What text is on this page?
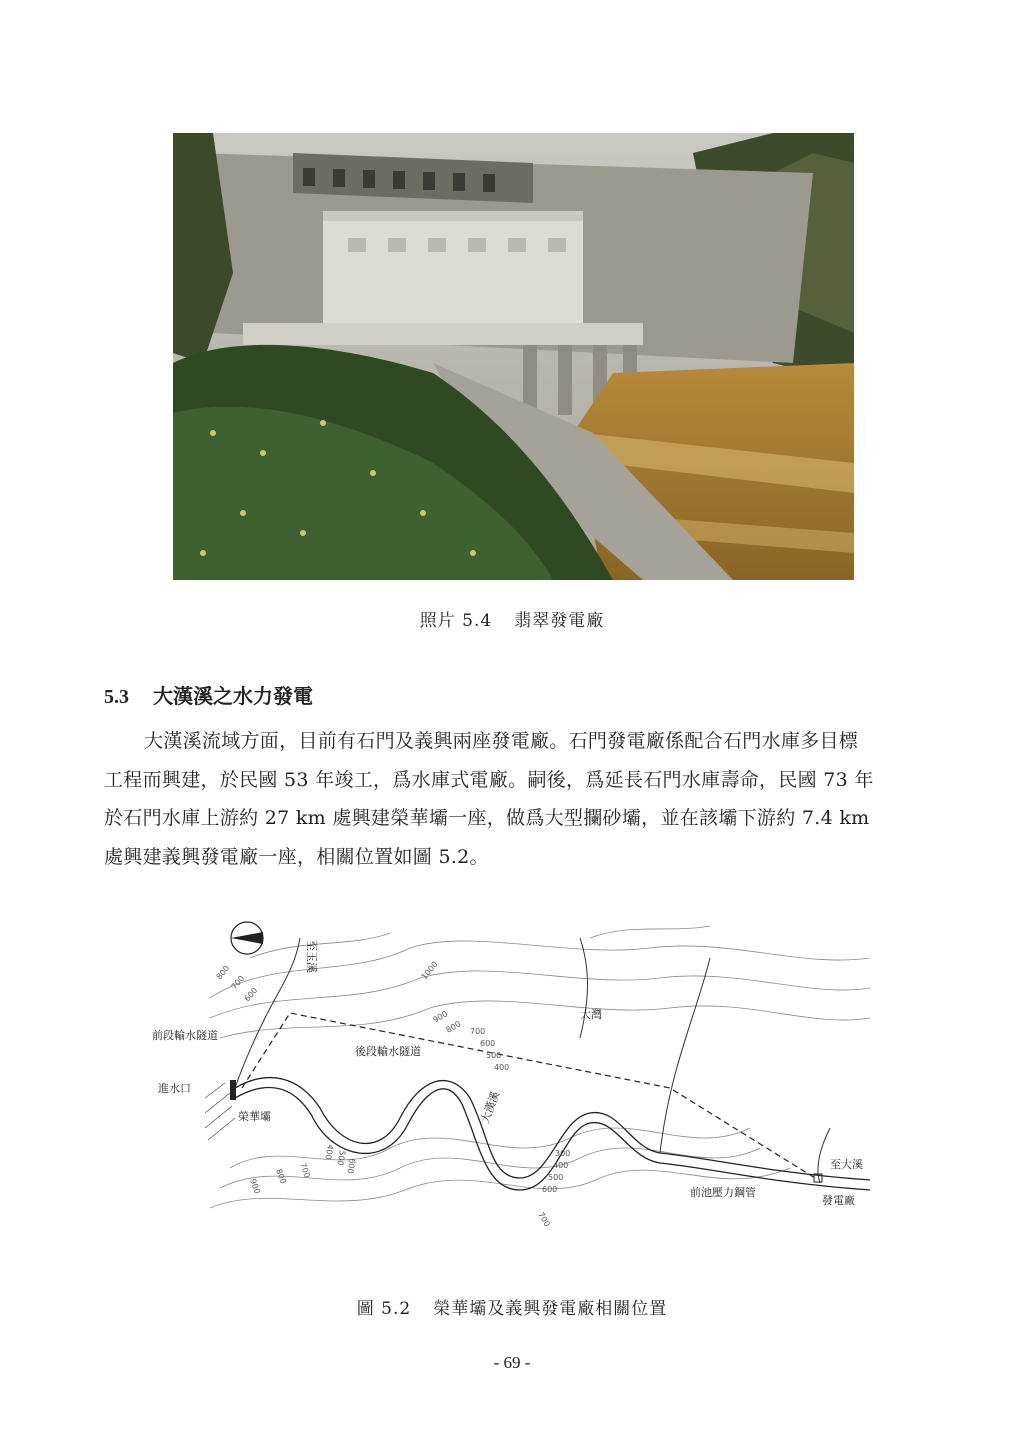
照片 5.4 翡翠發電廠
5.3 大漢溪之水力發電
大漢溪流域方面，目前有石門及義興兩座發電廠。石門發電廠係配合石門水庫多目標
工程而興建，於民國 53 年竣工，爲水庫式電廠。嗣後，爲延長石門水庫壽命，民國 73 年
於石門水庫上游約 27 km 處興建榮華壩一座，做爲大型攔砂壩，並在該壩下游約 7.4 km
處興建義興發電廠一座，相關位置如圖 5.2。
至玉溪
前段輸水隧道
後段輸水隧道
進水口
榮華壩
大灣
大漢溪
至大溪
前池壓力鋼管
發電廠
800
700
600
1000
900
800 700
600
500
400
400 500
600
300
400
500
600
700
900
800 700
圖 5.2 榮華壩及義興發電廠相關位置
- 69 -
